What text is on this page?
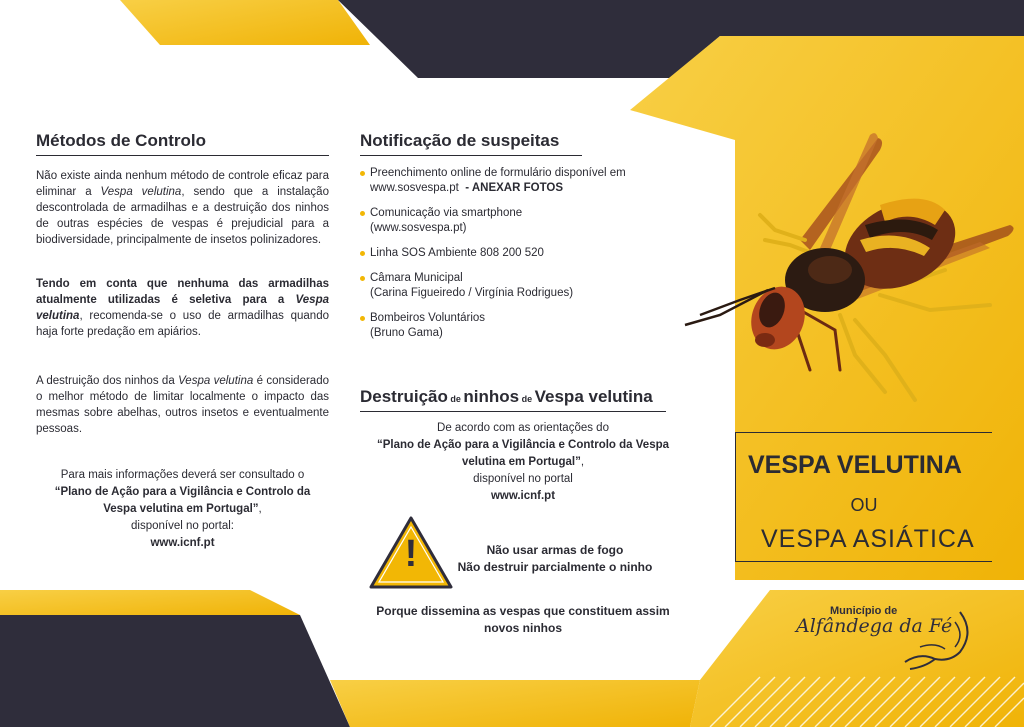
Métodos de Controlo

Não existe ainda nenhum método de controle eficaz para eliminar a Vespa velutina, sendo que a instalação descontrolada de armadilhas e a destruição dos ninhos de outras espécies de vespas é prejudicial para a biodiversidade, principalmente de insetos polinizadores.

Tendo em conta que nenhuma das armadilhas atualmente utilizadas é seletiva para a Vespa velutina, recomenda-se o uso de armadilhas quando haja forte predação em apiários.

A destruição dos ninhos da Vespa velutina é considerado o melhor método de limitar localmente o impacto das mesmas sobre abelhas, outros insetos e eventualmente pessoas.

Para mais informações deverá ser consultado o
“Plano de Ação para a Vigilância e Controlo da Vespa velutina em Portugal”,
disponível no portal:
www.icnf.pt
Notificação de suspeitas
Preenchimento online de formulário disponível em
www.sosvespa.pt  - ANEXAR FOTOS
Comunicação via smartphone
(www.sosvespa.pt)
Linha SOS Ambiente 808 200 520
Câmara Municipal
(Carina Figueiredo / Virgínia Rodrigues)
Bombeiros Voluntários
(Bruno Gama)
Destruição de ninhos de Vespa velutina
De acordo com as orientações do
“Plano de Ação para a Vigilância e Controlo da Vespa velutina em Portugal”,
disponível no portal
www.icnf.pt
!	Não usar armas de fogo
Não destruir parcialmente o ninho
Porque dissemina as vespas que constituem assim novos ninhos
VESPA VELUTINA
OU
VESPA ASIÁTICA
Município de
Alfândega da Fé
